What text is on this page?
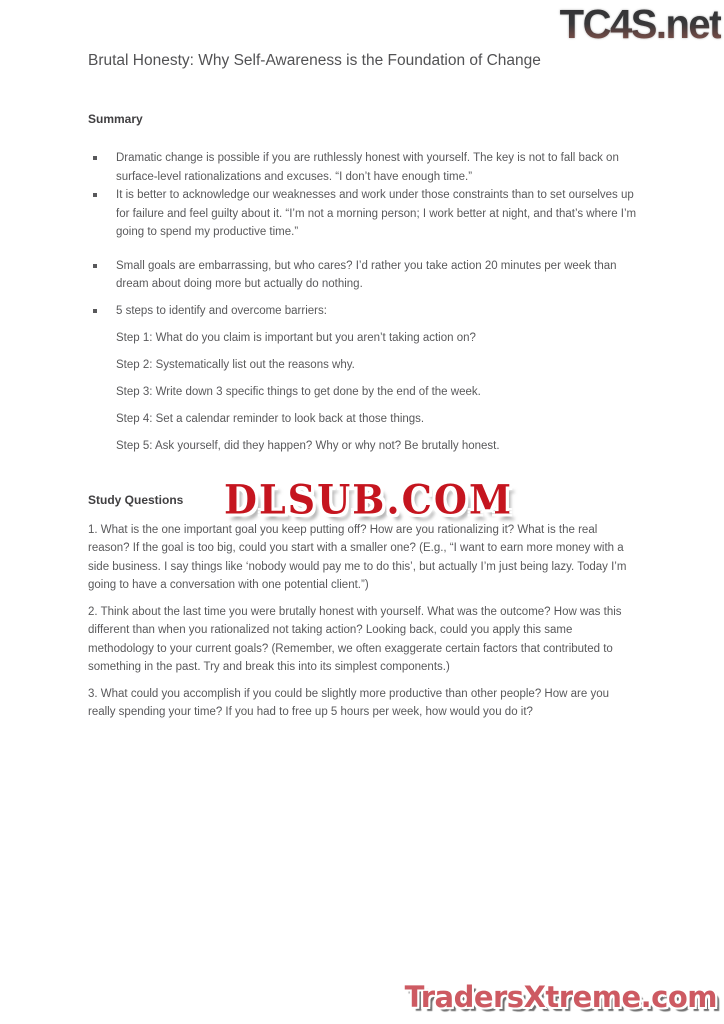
TC4S.net
Brutal Honesty: Why Self-Awareness is the Foundation of Change
Summary
Dramatic change is possible if you are ruthlessly honest with yourself. The key is not to fall back on surface-level rationalizations and excuses. “I don’t have enough time.”
It is better to acknowledge our weaknesses and work under those constraints than to set ourselves up for failure and feel guilty about it. “I’m not a morning person; I work better at night, and that’s where I’m going to spend my productive time.”
Small goals are embarrassing, but who cares? I’d rather you take action 20 minutes per week than dream about doing more but actually do nothing.
5 steps to identify and overcome barriers:

Step 1: What do you claim is important but you aren’t taking action on?

Step 2: Systematically list out the reasons why.

Step 3: Write down 3 specific things to get done by the end of the week.

Step 4: Set a calendar reminder to look back at those things.

Step 5: Ask yourself, did they happen? Why or why not? Be brutally honest.

Study Questions

1. What is the one important goal you keep putting off? How are you rationalizing it? What is the real reason? If the goal is too big, could you start with a smaller one? (E.g., “I want to earn more money with a side business. I say things like ‘nobody would pay me to do this’, but actually I’m just being lazy. Today I’m going to have a conversation with one potential client.”)

2. Think about the last time you were brutally honest with yourself. What was the outcome? How was this different than when you rationalized not taking action? Looking back, could you apply this same methodology to your current goals? (Remember, we often exaggerate certain factors that contributed to something in the past. Try and break this into its simplest components.)

3. What could you accomplish if you could be slightly more productive than other people? How are you really spending your time? If you had to free up 5 hours per week, how would you do it?

DLSUB.COM
TradersXtreme.com
